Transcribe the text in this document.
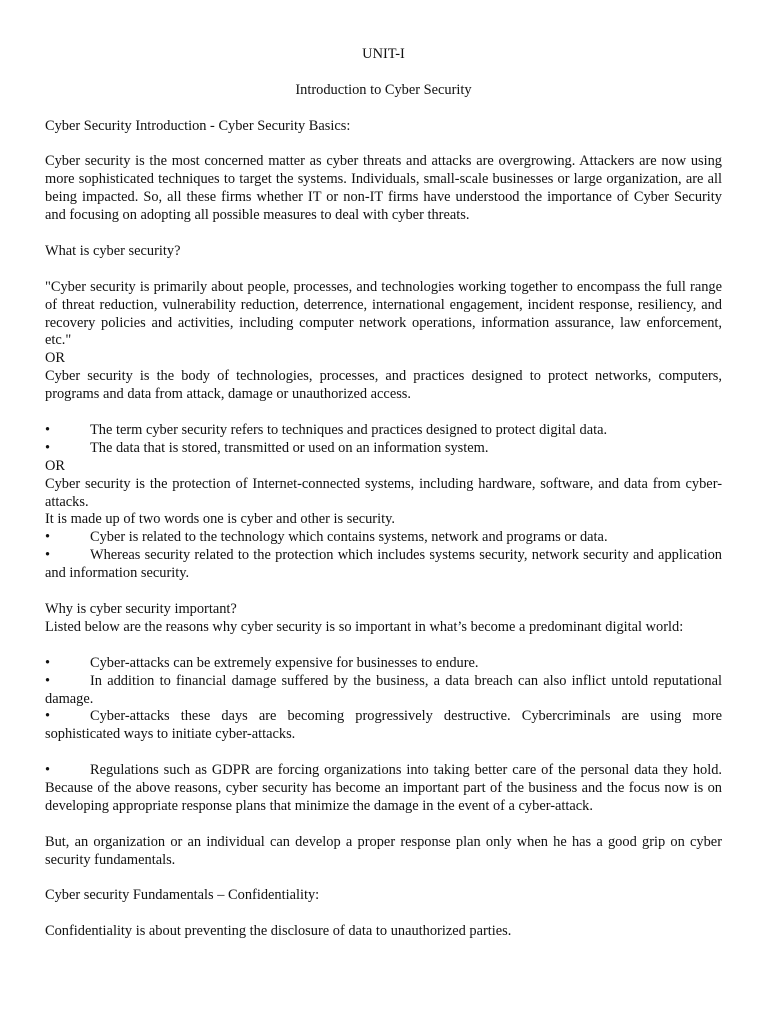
UNIT-I
Introduction to Cyber Security

Cyber Security Introduction - Cyber Security Basics:

Cyber security is the most concerned matter as cyber threats and attacks are overgrowing. Attackers are now using more sophisticated techniques to target the systems. Individuals, small-scale businesses or large organization, are all being impacted. So, all these firms whether IT or non-IT firms have understood the importance of Cyber Security and focusing on adopting all possible measures to deal with cyber threats.

What is cyber security?

"Cyber security is primarily about people, processes, and technologies working together to encompass the full range of threat reduction, vulnerability reduction, deterrence, international engagement, incident response, resiliency, and recovery policies and activities, including computer network operations, information assurance, law enforcement, etc."

OR

Cyber security is the body of technologies, processes, and practices designed to protect networks, computers, programs and data from attack, damage or unauthorized access.

•	The term cyber security refers to techniques and practices designed to protect digital data.

•	The data that is stored, transmitted or used on an information system.

OR

Cyber security is the protection of Internet-connected systems, including hardware, software, and data from cyber-attacks.

It is made up of two words one is cyber and other is security.

•	Cyber is related to the technology which contains systems, network and programs or data.

•	Whereas security related to the protection which includes systems security, network security and application and information security.

Why is cyber security important?

Listed below are the reasons why cyber security is so important in what’s become a predominant digital world:

•	Cyber-attacks can be extremely expensive for businesses to endure.

•	In addition to financial damage suffered by the business, a data breach can also inflict untold reputational damage.

•	Cyber-attacks these days are becoming progressively destructive. Cybercriminals are using more sophisticated ways to initiate cyber-attacks.

•	Regulations such as GDPR are forcing organizations into taking better care of the personal data they hold. Because of the above reasons, cyber security has become an important part of the business and the focus now is on developing appropriate response plans that minimize the damage in the event of a cyber-attack.

But, an organization or an individual can develop a proper response plan only when he has a good grip on cyber security fundamentals.

Cyber security Fundamentals – Confidentiality:

Confidentiality is about preventing the disclosure of data to unauthorized parties.
